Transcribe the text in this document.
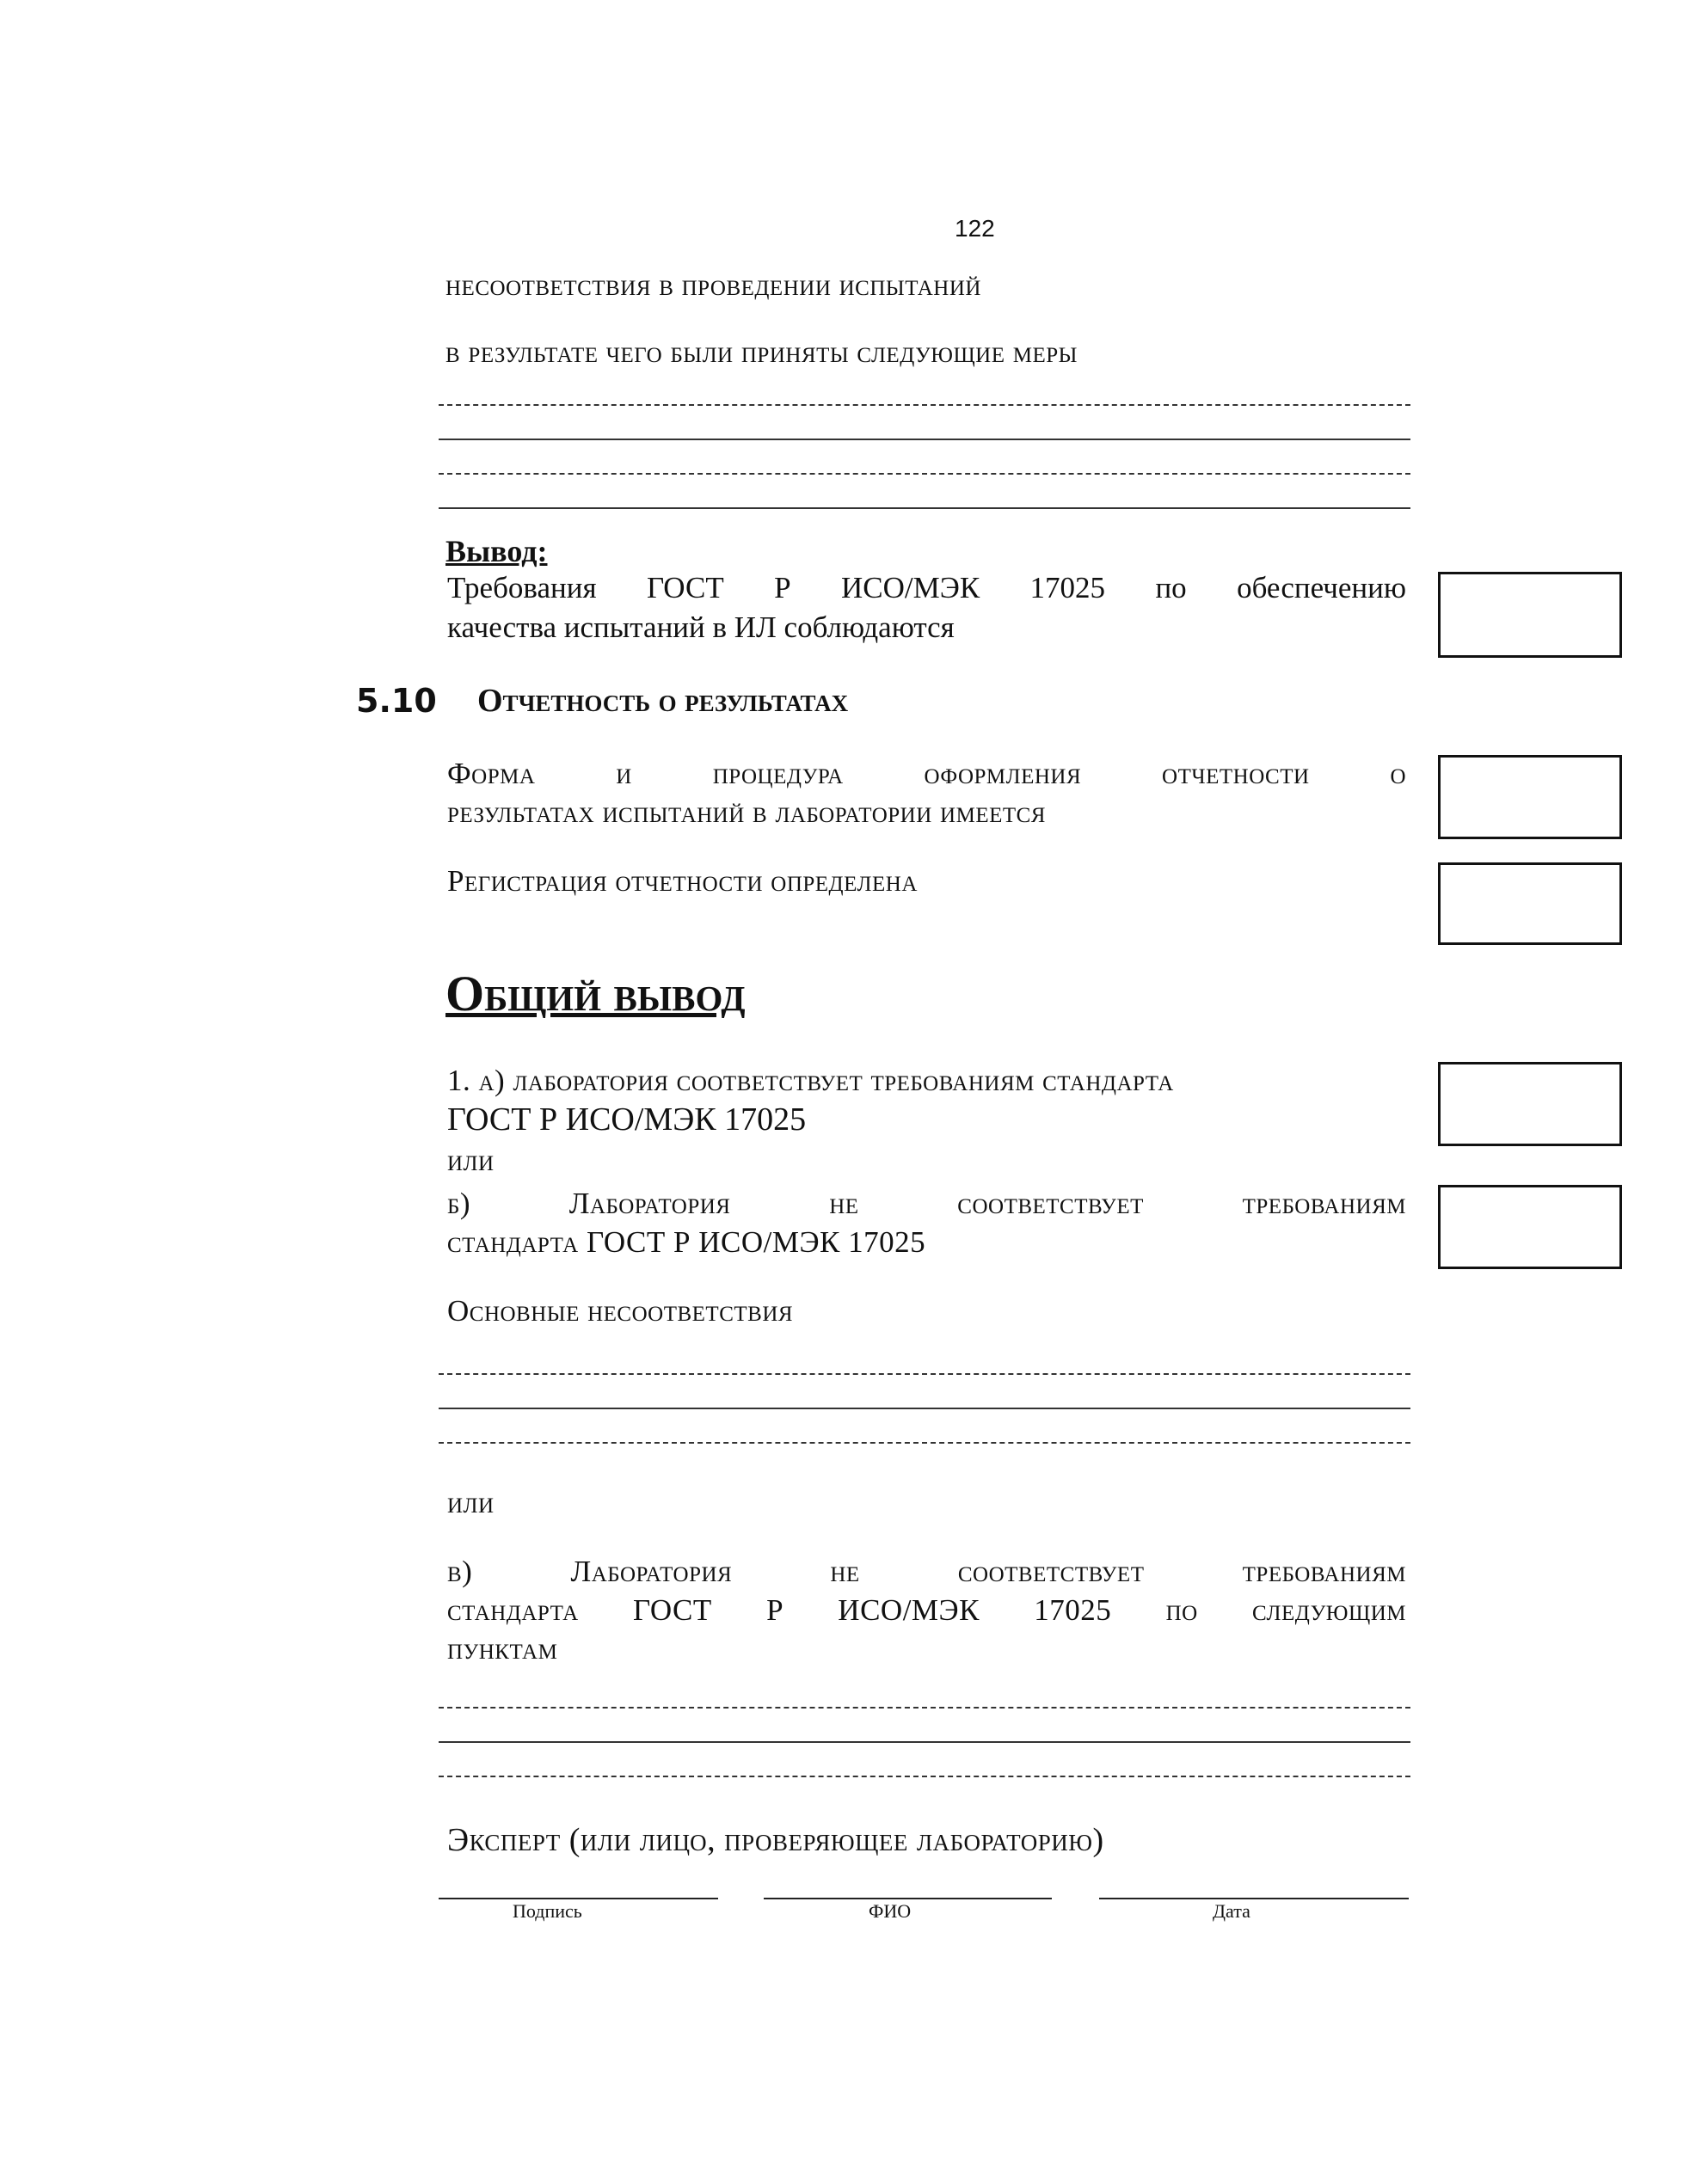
122
несоответствия в проведении испытаний
в результате чего были приняты следующие меры
Вывод:
Требования ГОСТ Р ИСО/МЭК 17025 по обеспечению
качества испытаний в ИЛ соблюдаются
5.10 Отчетность о результатах
Форма и процедура оформления отчетности о
результатах испытаний в лаборатории имеется
Регистрация отчетности определена
Общий вывод
1. а) лаборатория соответствует требованиям стандарта
ГОСТ Р ИСО/МЭК 17025
или
б) Лаборатория не соответствует требованиям
стандарта ГОСТ Р ИСО/МЭК 17025
Основные несоответствия
или
в) Лаборатория не соответствует требованиям
стандарта ГОСТ Р ИСО/МЭК 17025 по следующим
пунктам
Эксперт (или лицо, проверяющее лабораторию)
Подпись	ФИО	Дата
